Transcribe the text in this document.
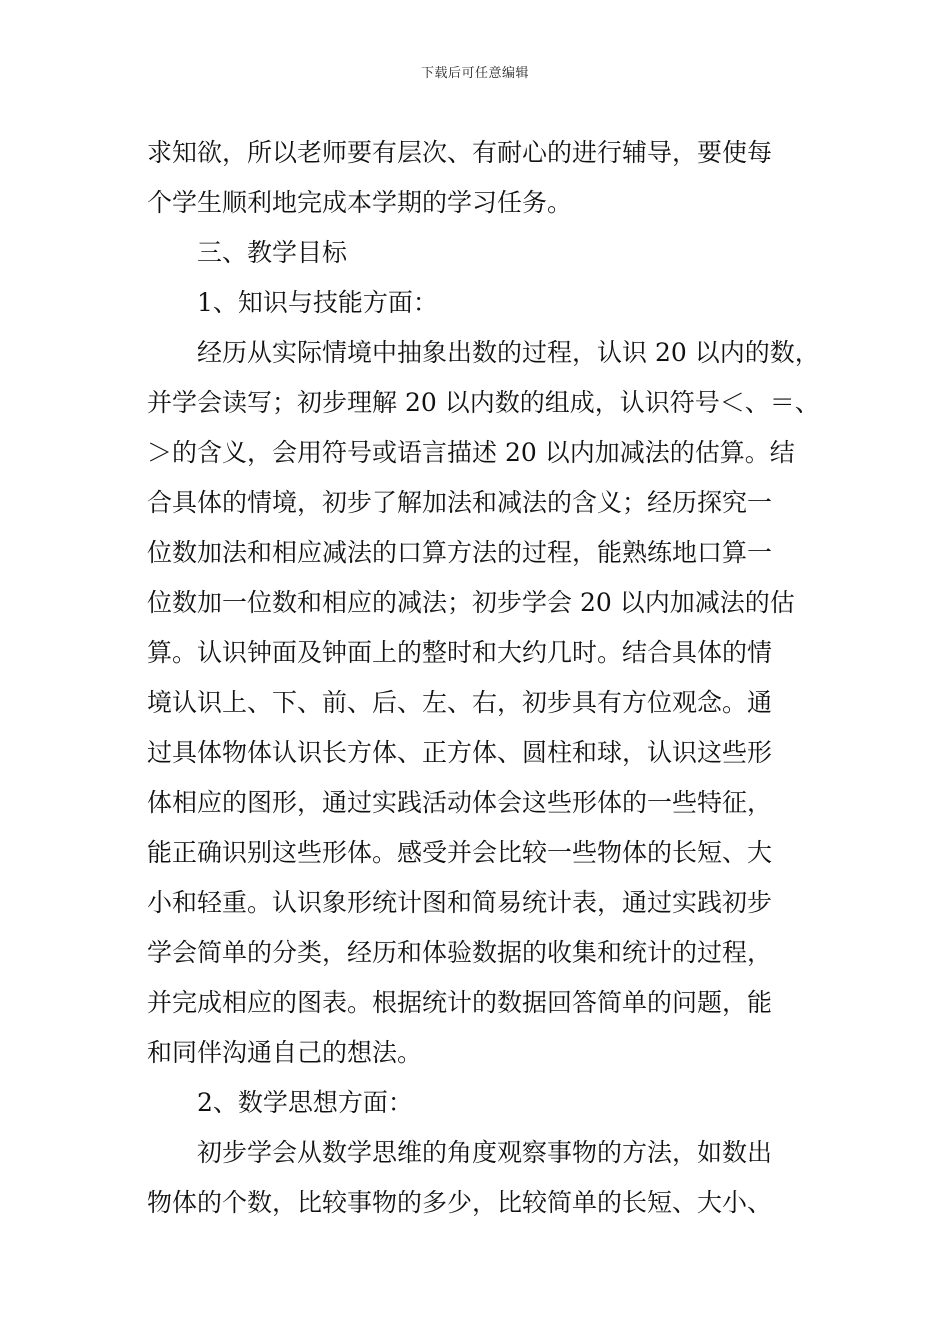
下载后可任意编辑
求知欲，所以老师要有层次、有耐心的进行辅导，要使每
个学生顺利地完成本学期的学习任务。
三、教学目标
1、知识与技能方面：
经历从实际情境中抽象出数的过程，认识 20 以内的数，
并学会读写；初步理解 20 以内数的组成，认识符号＜、＝、
＞的含义，会用符号或语言描述 20 以内加减法的估算。结
合具体的情境，初步了解加法和减法的含义；经历探究一
位数加法和相应减法的口算方法的过程，能熟练地口算一
位数加一位数和相应的减法；初步学会 20 以内加减法的估
算。认识钟面及钟面上的整时和大约几时。结合具体的情
境认识上、下、前、后、左、右，初步具有方位观念。通
过具体物体认识长方体、正方体、圆柱和球，认识这些形
体相应的图形，通过实践活动体会这些形体的一些特征，
能正确识别这些形体。感受并会比较一些物体的长短、大
小和轻重。认识象形统计图和简易统计表，通过实践初步
学会简单的分类，经历和体验数据的收集和统计的过程，
并完成相应的图表。根据统计的数据回答简单的问题，能
和同伴沟通自己的想法。
2、数学思想方面：
初步学会从数学思维的角度观察事物的方法，如数出
物体的个数，比较事物的多少，比较简单的长短、大小、
